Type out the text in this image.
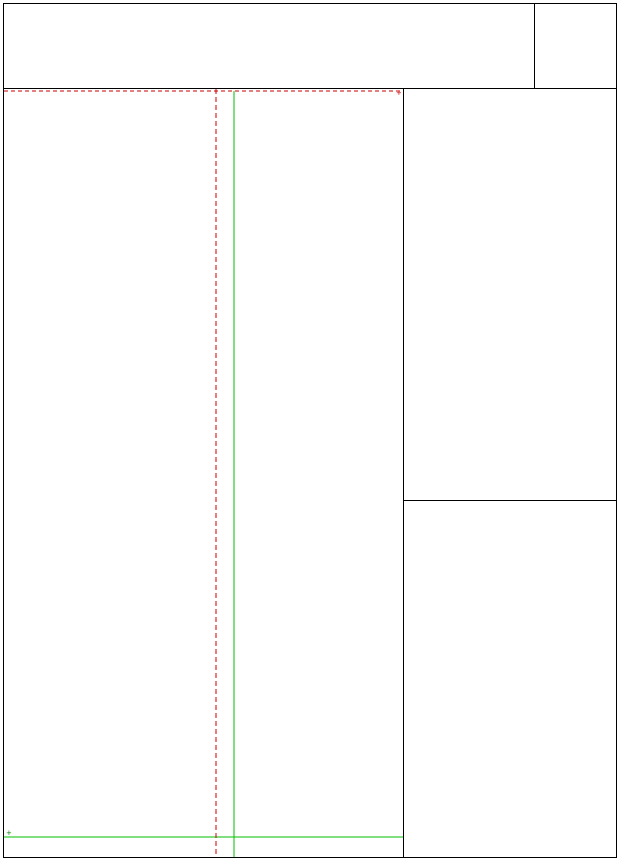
+
+
